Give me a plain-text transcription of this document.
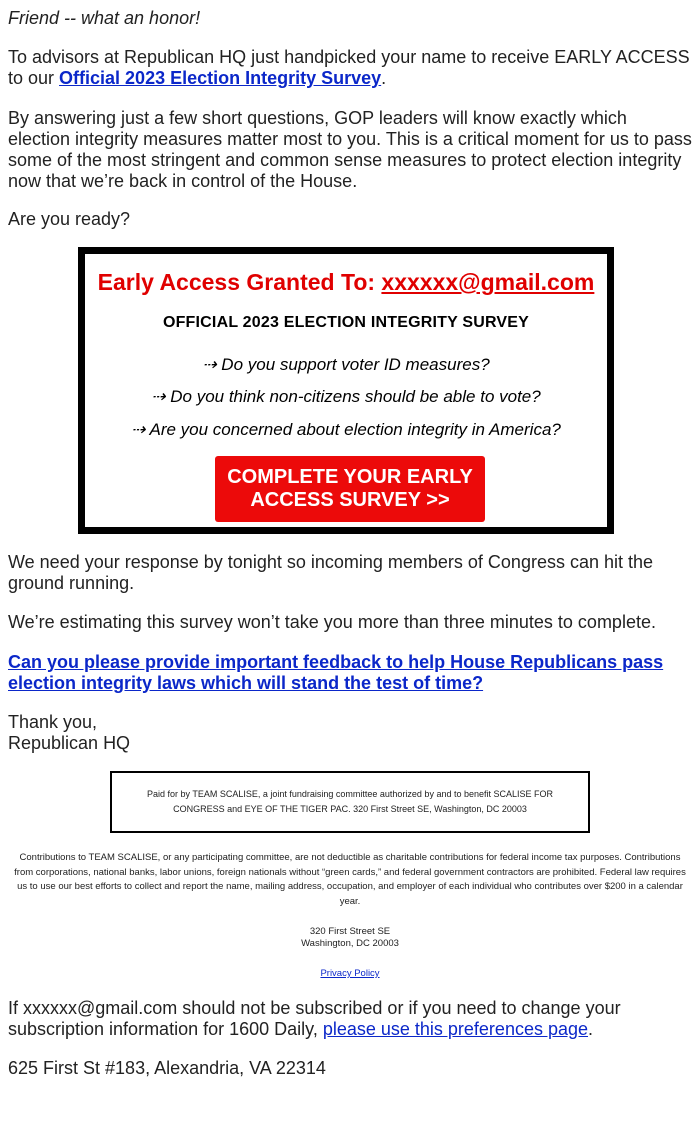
Friend -- what an honor!

To advisors at Republican HQ just handpicked your name to receive EARLY ACCESS to our Official 2023 Election Integrity Survey.

By answering just a few short questions, GOP leaders will know exactly which election integrity measures matter most to you. This is a critical moment for us to pass some of the most stringent and common sense measures to protect election integrity now that we’re back in control of the House.

Are you ready?

Early Access Granted To: xxxxxx@gmail.com
OFFICIAL 2023 ELECTION INTEGRITY SURVEY
⇢ Do you support voter ID measures?
⇢ Do you think non-citizens should be able to vote?
⇢ Are you concerned about election integrity in America?
COMPLETE YOUR EARLY
ACCESS SURVEY >>

We need your response by tonight so incoming members of Congress can hit the ground running.

We’re estimating this survey won’t take you more than three minutes to complete.

Can you please provide important feedback to help House Republicans pass election integrity laws which will stand the test of time?

Thank you,

Republican HQ

Paid for by TEAM SCALISE, a joint fundraising committee authorized by and to benefit SCALISE FOR CONGRESS and EYE OF THE TIGER PAC. 320 First Street SE, Washington, DC 20003

Contributions to TEAM SCALISE, or any participating committee, are not deductible as charitable contributions for federal income tax purposes. Contributions from corporations, national banks, labor unions, foreign nationals without “green cards,” and federal government contractors are prohibited. Federal law requires us to use our best efforts to collect and report the name, mailing address, occupation, and employer of each individual who contributes over $200 in a calendar year.

320 First Street SE

Washington, DC 20003

Privacy Policy

If xxxxxx@gmail.com should not be subscribed or if you need to change your subscription information for 1600 Daily, please use this preferences page.

625 First St #183, Alexandria, VA 22314
